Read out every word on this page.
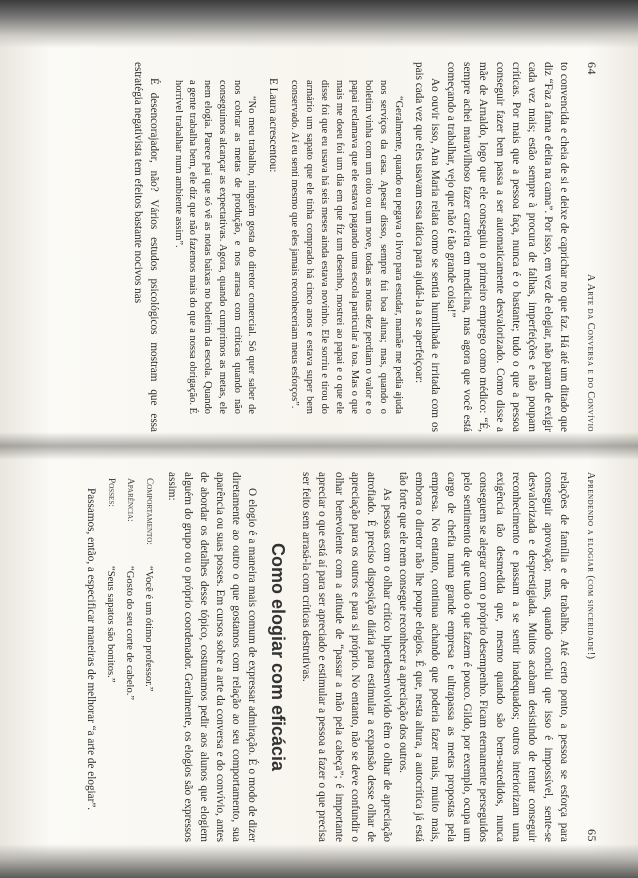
64
A Arte da Conversa e do Convívio

to convencida e cheia de si e deixe de caprichar no que faz. Há até um ditado que diz “Faz a fama e deita na cama”. Por isso, em vez de elogiar, não param de exigir cada vez mais; estão sempre à procura de falhas, imperfeições e não poupam críticas. Por mais que a pessoa faça, nunca é o bastante; tudo o que a pessoa conseguir fazer bem passa a ser automaticamente desvalorizado. Como disse a mãe de Arnaldo, logo que ele conseguiu o primeiro emprego como médico: “É, sempre achei maravilhoso fazer carreira em medicina, mas agora que você está começando a trabalhar, vejo que não é tão grande coisa!”

Ao ouvir isso, Ana Maria relata como se sentia humilhada e irritada com os pais cada vez que eles usavam essa tática para ajudá-la a se aperfeiçoar:

“Geralmente, quando eu pegava o livro para estudar, mamãe me pedia ajuda nos serviços da casa. Apesar disso, sempre fui boa aluna; mas, quando o boletim vinha com um oito ou um nove, todas as notas dez perdiam o valor e o papai reclamava que ele estava pagando uma escola particular à toa. Mas o que mais me doeu foi um dia em que fiz um desenho, mostrei ao papai e o que ele disse foi que eu usava há seis meses ainda estava novinho. Ele sorriu e tirou do armário um sapato que ele tinha comprado há cinco anos e estava super bem conservado. Aí eu senti mesmo que eles jamais reconheceriam meus esforços”.

E Laura acrescentou:

“No meu trabalho, ninguém gosta do diretor comercial. Só quer saber de nos cobrar as metas de produção, e nos arrasa com críticas quando não conseguimos alcançar as expectativas. Agora, quando cumprimos as metas, ele nem elogia. Parece pai que só vê as notas baixas no boletim da escola. Quando a gente trabalha bem, ele diz que não fazemos mais do que a nossa obrigação. É horrível trabalhar num ambiente assim”.

É desencorajador, não? Vários estudos psicológicos mostram que essa estratégia negativista tem efeitos bastante nocivos nas

Aprendendo a elogiar (com sinceridade!)
65

relações de família e de trabalho. Até certo ponto, a pessoa se esforça para conseguir aprovação; mas, quando conclui que isso é impossível, sente-se desvalorizada e desprestigiada. Muitos acabam desistindo de tentar conseguir reconhecimento e passam a se sentir inadequados; outros interiorizam uma exigência tão desmedida que, mesmo quando são bem-sucedidos, nunca conseguem se alegrar com o próprio desempenho. Ficam eternamente perseguidos pelo sentimento de que tudo o que fazem é pouco. Gildo, por exemplo, ocupa um cargo de chefia numa grande empresa e ultrapassa as metas propostas pela empresa. No entanto, continua achando que poderia fazer mais, muito mais, embora o diretor não lhe poupe elogios. É que, nesta altura, a autocrítica já está tão forte que ele nem consegue reconhecer a apreciação dos outros.

As pessoas com o olhar crítico hiperdesenvolvido têm o olhar de apreciação atrofiado. É preciso disposição diária para estimular a expansão desse olhar de apreciação para os outros e para si próprio. No entanto, não se deve confundir o olhar benevolente com a atitude de “passar a mão pela cabeça”; é importante apreciar o que está aí para ser apreciado e estimular a pessoa a fazer o que precisa ser feito sem arrasá-la com críticas destrutivas.

Como elogiar com eficácia

O elogio é a maneira mais comum de expressar admiração. É o modo de dizer diretamente ao outro o que gostamos com relação ao seu comportamento, sua aparência ou suas posses. Em cursos sobre a arte da conversa e do convívio, antes de abordar os detalhes desse tópico, costumamos pedir aos alunos que elogiem alguém do grupo ou o próprio coordenador. Geralmente, os elogios são expressos assim:

Comportamento:
“Você é um ótimo professor.”
Aparência:
“Gosto do seu corte de cabelo.”
Posses:
“Seus sapatos são bonitos.”

Passamos, então, a especificar maneiras de melhorar “a arte de elogiar”.
